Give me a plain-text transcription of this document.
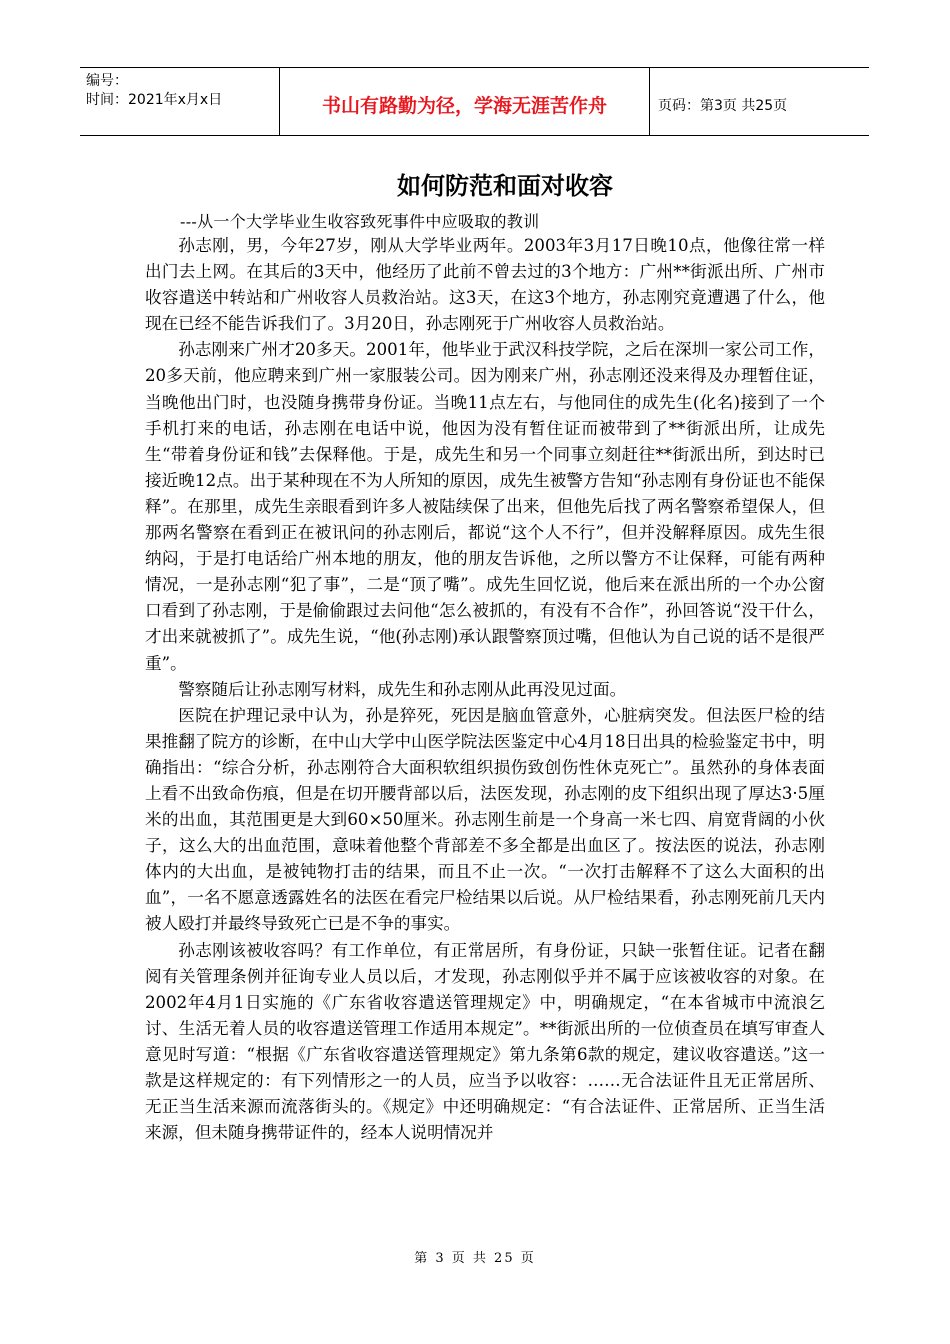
编号：
时间：2021年x月x日	书山有路勤为径，学海无涯苦作舟	页码：第3页 共25页
如何防范和面对收容
---从一个大学毕业生收容致死事件中应吸取的教训

孙志刚，男，今年27岁，刚从大学毕业两年。2003年3月17日晚10点，他像往常一样出门去上网。在其后的3天中，他经历了此前不曾去过的3个地方：广州**街派出所、广州市收容遣送中转站和广州收容人员救治站。这3天，在这3个地方，孙志刚究竟遭遇了什么，他现在已经不能告诉我们了。3月20日，孙志刚死于广州收容人员救治站。

孙志刚来广州才20多天。2001年，他毕业于武汉科技学院，之后在深圳一家公司工作，20多天前，他应聘来到广州一家服装公司。因为刚来广州，孙志刚还没来得及办理暂住证，当晚他出门时，也没随身携带身份证。当晚11点左右，与他同住的成先生(化名)接到了一个手机打来的电话，孙志刚在电话中说，他因为没有暂住证而被带到了**街派出所，让成先生“带着身份证和钱”去保释他。于是，成先生和另一个同事立刻赶往**街派出所，到达时已接近晚12点。出于某种现在不为人所知的原因，成先生被警方告知“孙志刚有身份证也不能保释”。在那里，成先生亲眼看到许多人被陆续保了出来，但他先后找了两名警察希望保人，但那两名警察在看到正在被讯问的孙志刚后，都说“这个人不行”，但并没解释原因。成先生很纳闷，于是打电话给广州本地的朋友，他的朋友告诉他，之所以警方不让保释，可能有两种情况，一是孙志刚“犯了事”，二是“顶了嘴”。成先生回忆说，他后来在派出所的一个办公窗口看到了孙志刚，于是偷偷跟过去问他“怎么被抓的，有没有不合作”，孙回答说“没干什么，才出来就被抓了”。成先生说，“他(孙志刚)承认跟警察顶过嘴，但他认为自己说的话不是很严重”。

警察随后让孙志刚写材料，成先生和孙志刚从此再没见过面。

医院在护理记录中认为，孙是猝死，死因是脑血管意外，心脏病突发。但法医尸检的结果推翻了院方的诊断，在中山大学中山医学院法医鉴定中心4月18日出具的检验鉴定书中，明确指出：“综合分析，孙志刚符合大面积软组织损伤致创伤性休克死亡”。虽然孙的身体表面上看不出致命伤痕，但是在切开腰背部以后，法医发现，孙志刚的皮下组织出现了厚达3·5厘米的出血，其范围更是大到60×50厘米。孙志刚生前是一个身高一米七四、肩宽背阔的小伙子，这么大的出血范围，意味着他整个背部差不多全都是出血区了。按法医的说法，孙志刚体内的大出血，是被钝物打击的结果，而且不止一次。“一次打击解释不了这么大面积的出血”，一名不愿意透露姓名的法医在看完尸检结果以后说。从尸检结果看，孙志刚死前几天内被人殴打并最终导致死亡已是不争的事实。

孙志刚该被收容吗？有工作单位，有正常居所，有身份证，只缺一张暂住证。记者在翻阅有关管理条例并征询专业人员以后，才发现，孙志刚似乎并不属于应该被收容的对象。在2002年4月1日实施的《广东省收容遣送管理规定》中，明确规定，“在本省城市中流浪乞讨、生活无着人员的收容遣送管理工作适用本规定”。**街派出所的一位侦查员在填写审查人意见时写道：“根据《广东省收容遣送管理规定》第九条第6款的规定，建议收容遣送。”这一款是这样规定的：有下列情形之一的人员，应当予以收容：……无合法证件且无正常居所、无正当生活来源而流落街头的。《规定》中还明确规定：“有合法证件、正常居所、正当生活来源，但未随身携带证件的，经本人说明情况并

第 3 页 共 25 页
